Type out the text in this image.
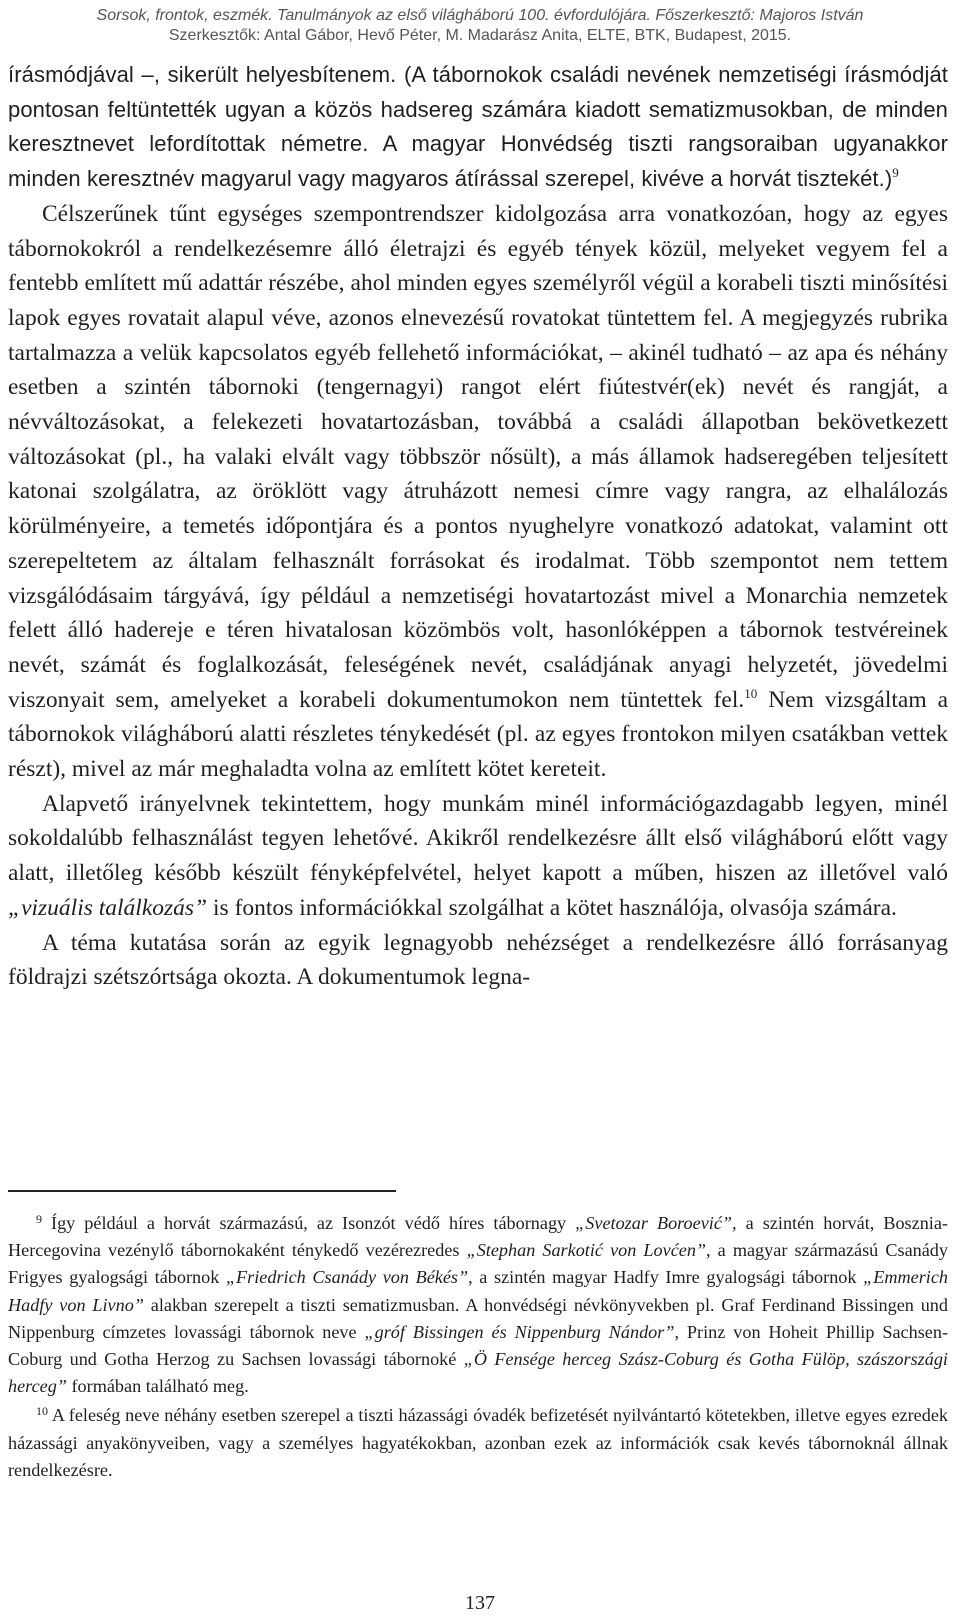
Sorsok, frontok, eszmék. Tanulmányok az első világháború 100. évfordulójára. Főszerkesztő: Majoros István
Szerkesztők: Antal Gábor, Hevő Péter, M. Madarász Anita, ELTE, BTK, Budapest, 2015.

írásmódjával –, sikerült helyesbítenem. (A tábornokok családi nevének nemzetiségi írásmódját pontosan feltüntették ugyan a közös hadsereg számára kiadott sematizmusokban, de minden keresztnevet lefordítottak németre. A magyar Honvédség tiszti rangsoraiban ugyanakkor minden keresztnév magyarul vagy magyaros átírással szerepel, kivéve a horvát tisztekét.)$^9$

Célszerűnek tűnt egységes szempontrendszer kidolgozása arra vonatkozóan, hogy az egyes tábornokokról a rendelkezésemre álló életrajzi és egyéb tények közül, melyeket vegyem fel a fentebb említett mű adattár részébe, ahol minden egyes személyről végül a korabeli tiszti minősítési lapok egyes rovatait alapul véve, azonos elnevezésű rovatokat tüntettem fel. A megjegyzés rubrika tartalmazza a velük kapcsolatos egyéb fellehető információkat, – akinél tudható – az apa és néhány esetben a szintén tábornoki (tengernagyi) rangot elért fiútestvér(ek) nevét és rangját, a névváltozásokat, a felekezeti hovatartozásban, továbbá a családi állapotban bekövetkezett változásokat (pl., ha valaki elvált vagy többször nősült), a más államok hadseregében teljesített katonai szolgálatra, az öröklött vagy átruházott nemesi címre vagy rangra, az elhalálozás körülményeire, a temetés időpontjára és a pontos nyughelyre vonatkozó adatokat, valamint ott szerepeltetem az általam felhasznált forrásokat és irodalmat. Több szempontot nem tettem vizsgálódásaim tárgyává, így például a nemzetiségi hovatartozást mivel a Monarchia nemzetek felett álló hadereje e téren hivatalosan közömbös volt, hasonlóképpen a tábornok testvéreinek nevét, számát és foglalkozását, feleségének nevét, családjának anyagi helyzetét, jövedelmi viszonyait sem, amelyeket a korabeli dokumentumokon nem tüntettek fel.$^{10}$ Nem vizsgáltam a tábornokok világháború alatti részletes ténykedését (pl. az egyes frontokon milyen csatákban vettek részt), mivel az már meghaladta volna az említett kötet kereteit.

Alapvető irányelvnek tekintettem, hogy munkám minél információgazdagabb legyen, minél sokoldalúbb felhasználást tegyen lehetővé. Akikről rendelkezésre állt első világháború előtt vagy alatt, illetőleg később készült fényképfelvétel, helyet kapott a műben, hiszen az illetővel való „vizuális találkozás” is fontos információkkal szolgálhat a kötet használója, olvasója számára.

A téma kutatása során az egyik legnagyobb nehézséget a rendelkezésre álló forrásanyag földrajzi szétszórtsága okozta. A dokumentumok legna-

$^9$ Így például a horvát származású, az Isonzót védő híres tábornagy „Svetozar Boroević”, a szintén horvát, Bosznia-Hercegovina vezénylő tábornokaként ténykedő vezérezredes „Stephan Sarkotić von Lovćen”, a magyar származású Csanády Frigyes gyalogsági tábornok „Friedrich Csanády von Békés”, a szintén magyar Hadfy Imre gyalogsági tábornok „Emmerich Hadfy von Livno” alakban szerepelt a tiszti sematizmusban. A honvédségi névkönyvekben pl. Graf Ferdinand Bissingen und Nippenburg címzetes lovassági tábornok neve „gróf Bissingen és Nippenburg Nándor”, Prinz von Hoheit Phillip Sachsen-Coburg und Gotha Herzog zu Sachsen lovassági tábornoké „Ö Fensége herceg Szász-Coburg és Gotha Fülöp, szászországi herceg” formában található meg.

$^{10}$ A feleség neve néhány esetben szerepel a tiszti házassági óvadék befizetését nyilvántartó kötetekben, illetve egyes ezredek házassági anyakönyveiben, vagy a személyes hagyatékokban, azonban ezek az információk csak kevés tábornoknál állnak rendelkezésre.

137
